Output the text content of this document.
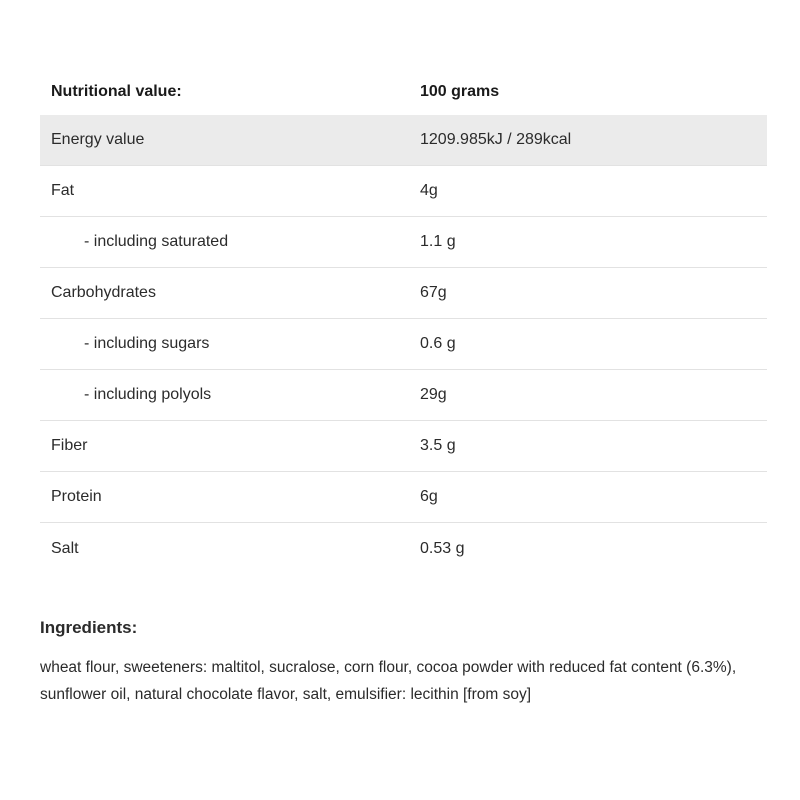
Nutritional value:	100 grams
Energy value	1209.985kJ / 289kcal
Fat	4g
- including saturated	1.1 g
Carbohydrates	67g
- including sugars	0.6 g
- including polyols	29g
Fiber	3.5 g
Protein	6g
Salt	0.53 g
Ingredients:
wheat flour, sweeteners: maltitol, sucralose, corn flour, cocoa powder with reduced fat content (6.3%), sunflower oil, natural chocolate flavor, salt, emulsifier: lecithin [from soy]
